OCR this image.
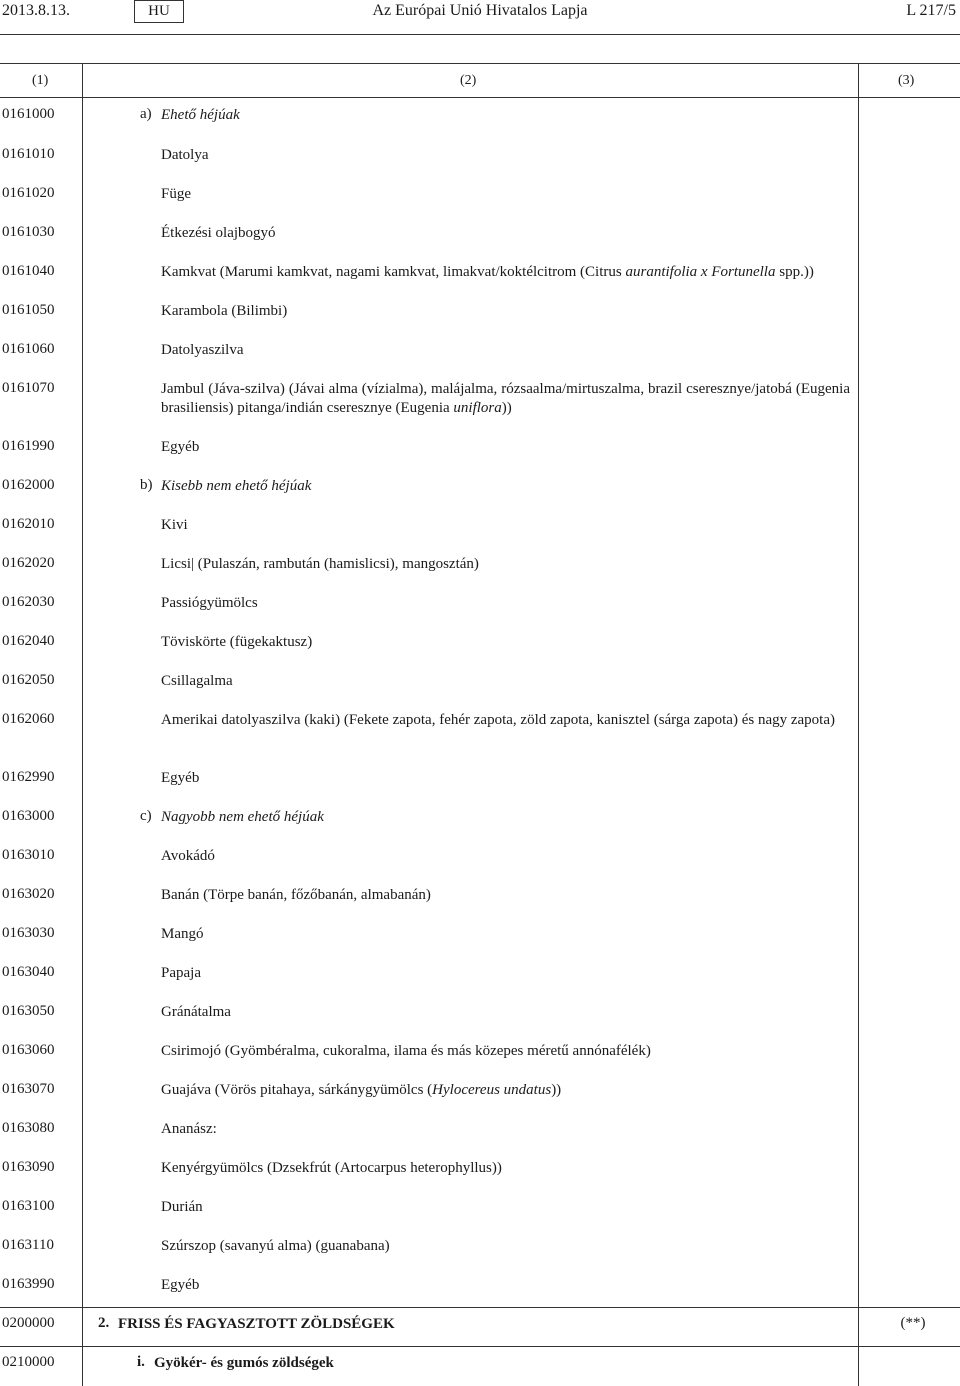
2013.8.13.	HU	Az Európai Unió Hivatalos Lapja	L 217/5
(1)	(2)	(3)
0161000	a) Ehető héjúak
0161010	Datolya
0161020	Füge
0161030	Étkezési olajbogyó
0161040	Kamkvat (Marumi kamkvat, nagami kamkvat, limakvat/koktélcitrom (Citrus aurantifolia x Fortunella spp.))
0161050	Karambola (Bilimbi)
0161060	Datolyaszilva
0161070	Jambul (Jáva-szilva) (Jávai alma (vízialma), malájalma, rózsaalma/mirtuszalma, brazil cseresznye/jatobá (Eugenia brasiliensis) pitanga/indián cseresznye (Eugenia uniflora))
0161990	Egyéb
0162000	b) Kisebb nem ehető héjúak
0162010	Kivi
0162020	Licsi| (Pulaszán, rambután (hamislicsi), mangosztán)
0162030	Passiógyümölcs
0162040	Töviskörte (fügekaktusz)
0162050	Csillagalma
0162060	Amerikai datolyaszilva (kaki) (Fekete zapota, fehér zapota, zöld zapota, kanisztel (sárga zapota) és nagy zapota)
0162990	Egyéb
0163000	c) Nagyobb nem ehető héjúak
0163010	Avokádó
0163020	Banán (Törpe banán, főzőbanán, almabanán)
0163030	Mangó
0163040	Papaja
0163050	Gránátalma
0163060	Csirimojó (Gyömbéralma, cukoralma, ilama és más közepes méretű annónafélék)
0163070	Guajáva (Vörös pitahaya, sárkánygyümölcs (Hylocereus undatus))
0163080	Ananász:
0163090	Kenyérgyümölcs (Dzsekfrút (Artocarpus heterophyllus))
0163100	Durián
0163110	Szúrszop (savanyú alma) (guanabana)
0163990	Egyéb
0200000	2. FRISS ÉS FAGYASZTOTT ZÖLDSÉGEK	(**)
0210000	i. Gyökér- és gumós zöldségek
